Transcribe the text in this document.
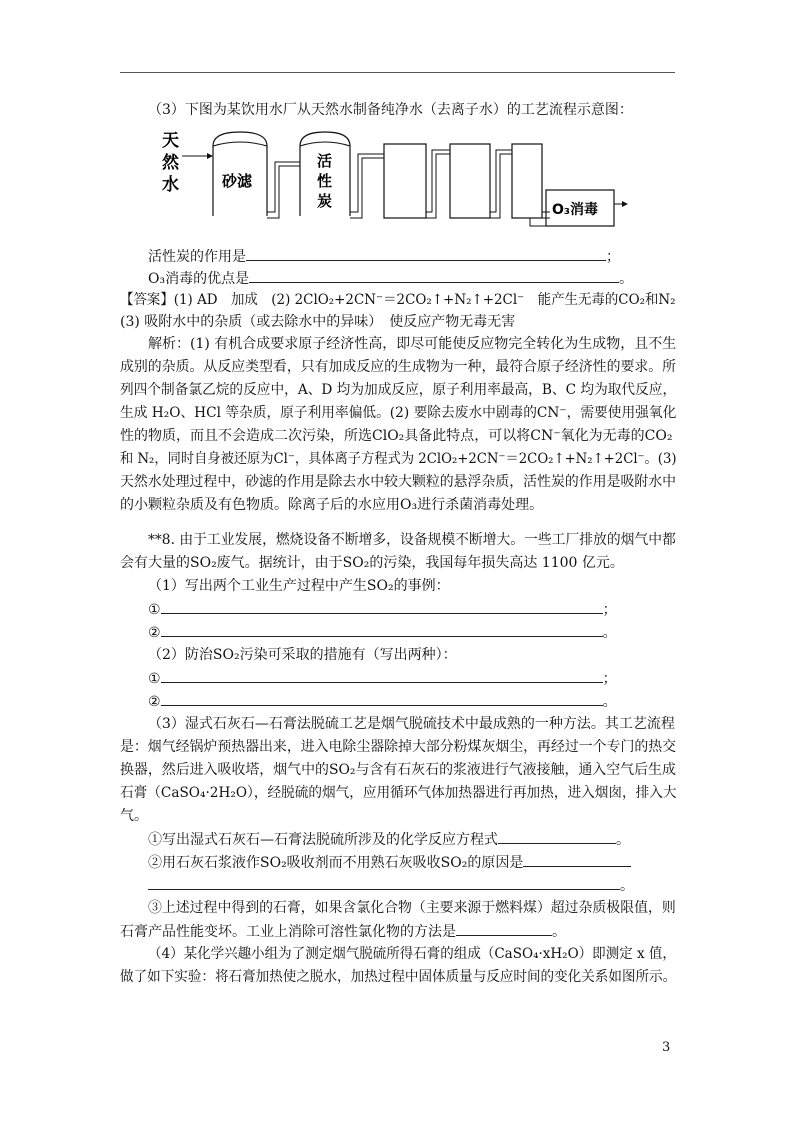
（3）下图为某饮用水厂从天然水制备纯净水（去离子水）的工艺流程示意图：
天
然
水	砂滤
活
性
炭	O₃消毒
活性炭的作用是	；
O₃消毒的优点是	。
【答案】(1) AD　加成　(2) 2ClO₂+2CN⁻＝2CO₂↑+N₂↑+2Cl⁻　能产生无毒的CO₂和N₂
(3) 吸附水中的杂质（或去除水中的异味）　使反应产物无毒无害
解析：(1) 有机合成要求原子经济性高，即尽可能使反应物完全转化为生成物，且不生
成别的杂质。从反应类型看，只有加成反应的生成物为一种，最符合原子经济性的要求。所
列四个制备氯乙烷的反应中，A、D 均为加成反应，原子利用率最高，B、C 均为取代反应，
生成 H₂O、HCl 等杂质，原子利用率偏低。(2) 要除去废水中剧毒的CN⁻，需要使用强氧化
性的物质，而且不会造成二次污染，所选ClO₂具备此特点，可以将CN⁻氧化为无毒的CO₂
和 N₂，同时自身被还原为Cl⁻，具体离子方程式为 2ClO₂+2CN⁻＝2CO₂↑+N₂↑+2Cl⁻。(3)
天然水处理过程中，砂滤的作用是除去水中较大颗粒的悬浮杂质，活性炭的作用是吸附水中
的小颗粒杂质及有色物质。除离子后的水应用O₃进行杀菌消毒处理。
**8. 由于工业发展，燃烧设备不断增多，设备规模不断增大。一些工厂排放的烟气中都
会有大量的SO₂废气。据统计，由于SO₂的污染，我国每年损失高达 1100 亿元。
（1）写出两个工业生产过程中产生SO₂的事例：
①	；
②	。
（2）防治SO₂污染可采取的措施有（写出两种）：
①	；
②	。
（3）湿式石灰石—石膏法脱硫工艺是烟气脱硫技术中最成熟的一种方法。其工艺流程
是：烟气经锅炉预热器出来，进入电除尘器除掉大部分粉煤灰烟尘，再经过一个专门的热交
换器，然后进入吸收塔，烟气中的SO₂与含有石灰石的浆液进行气液接触，通入空气后生成
石膏（CaSO₄·2H₂O），经脱硫的烟气，应用循环气体加热器进行再加热，进入烟囱，排入大
气。
①写出湿式石灰石—石膏法脱硫所涉及的化学反应方程式	。
②用石灰石浆液作SO₂吸收剂而不用熟石灰吸收SO₂的原因是
。
③上述过程中得到的石膏，如果含氯化合物（主要来源于燃料煤）超过杂质极限值，则
石膏产品性能变坏。工业上消除可溶性氯化物的方法是	。
（4）某化学兴趣小组为了测定烟气脱硫所得石膏的组成（CaSO₄·xH₂O）即测定 x 值，
做了如下实验：将石膏加热使之脱水，加热过程中固体质量与反应时间的变化关系如图所示。
3
